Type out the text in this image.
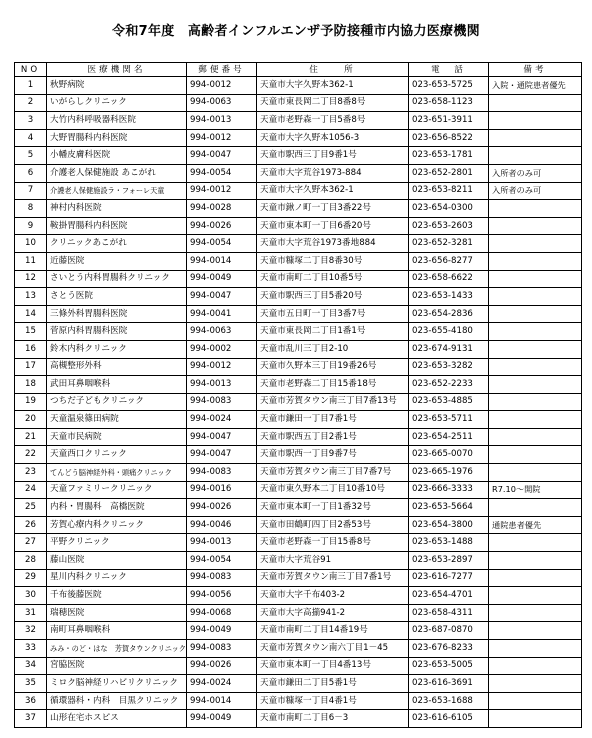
令和7年度　高齢者インフルエンザ予防接種市内協力医療機関
NO	医療機関名	郵便番号	住　　所	電　話	備考
1	秋野病院	994-0012	天童市大字久野本362-1	023-653-5725	入院・通院患者優先
2	いがらしクリニック	994-0063	天童市東長岡二丁目8番8号	023-658-1123	
3	大竹内科呼吸器科医院	994-0013	天童市老野森一丁目5番8号	023-651-3911	
4	大野胃腸科内科医院	994-0012	天童市大字久野本1056-3	023-656-8522	
5	小幡皮膚科医院	994-0047	天童市駅西三丁目9番1号	023-653-1781	
6	介護老人保健施設 あこがれ	994-0054	天童市大字荒谷1973-884	023-652-2801	入所者のみ可
7	介護老人保健施設ラ・フォーレ天童	994-0012	天童市大字久野本362-1	023-653-8211	入所者のみ可
8	神村内科医院	994-0028	天童市鍬ノ町一丁目3番22号	023-654-0300	
9	鞍掛胃腸科内科医院	994-0026	天童市東本町一丁目6番20号	023-653-2603	
10	クリニックあこがれ	994-0054	天童市大字荒谷1973番地884	023-652-3281	
11	近藤医院	994-0014	天童市糠塚二丁目8番30号	023-656-8277	
12	さいとう内科胃腸科クリニック	994-0049	天童市南町二丁目10番5号	023-658-6622	
13	さとう医院	994-0047	天童市駅西三丁目5番20号	023-653-1433	
14	三條外科胃腸科医院	994-0041	天童市五日町一丁目3番7号	023-654-2836	
15	菅原内科胃腸科医院	994-0063	天童市東長岡二丁目1番1号	023-655-4180	
16	鈴木内科クリニック	994-0002	天童市乱川三丁目2-10	023-674-9131	
17	高槻整形外科	994-0012	天童市久野本三丁目19番26号	023-653-3282	
18	武田耳鼻咽喉科	994-0013	天童市老野森二丁目15番18号	023-652-2233	
19	つちだ子どもクリニック	994-0083	天童市芳賀タウン南三丁目7番13号	023-653-4885	
20	天童温泉篠田病院	994-0024	天童市鎌田一丁目7番1号	023-653-5711	
21	天童市民病院	994-0047	天童市駅西五丁目2番1号	023-654-2511	
22	天童西口クリニック	994-0047	天童市駅西一丁目9番7号	023-665-0070	
23	てんどう脳神経外科・頭痛クリニック	994-0083	天童市芳賀タウン南三丁目7番7号	023-665-1976	
24	天童ファミリークリニック	994-0016	天童市東久野本二丁目10番10号	023-666-3333	R7.10～開院
25	内科・胃腸科　高橋医院	994-0026	天童市東本町一丁目1番32号	023-653-5664	
26	芳賀心療内科クリニック	994-0046	天童市田鶴町四丁目2番53号	023-654-3800	通院患者優先
27	平野クリニック	994-0013	天童市老野森一丁目15番8号	023-653-1488	
28	藤山医院	994-0054	天童市大字荒谷91	023-653-2897	
29	星川内科クリニック	994-0083	天童市芳賀タウン南三丁目7番1号	023-616-7277	
30	千布後藤医院	994-0056	天童市大字千布403-2	023-654-4701	
31	瑞穂医院	994-0068	天童市大字高擶941-2	023-658-4311	
32	南町耳鼻咽喉科	994-0049	天童市南町二丁目14番19号	023-687-0870	
33	みみ・のど・はな　芳賀タウンクリニック	994-0083	天童市芳賀タウン南六丁目1－45	023-676-8233	
34	宮脇医院	994-0026	天童市東本町一丁目4番13号	023-653-5005	
35	ミロク脳神経リハビリクリニック	994-0024	天童市鎌田二丁目5番1号	023-616-3691	
36	循環器科・内科　目黒クリニック	994-0014	天童市糠塚一丁目4番1号	023-653-1688	
37	山形在宅ホスピス	994-0049	天童市南町二丁目6－3	023-616-6105	
